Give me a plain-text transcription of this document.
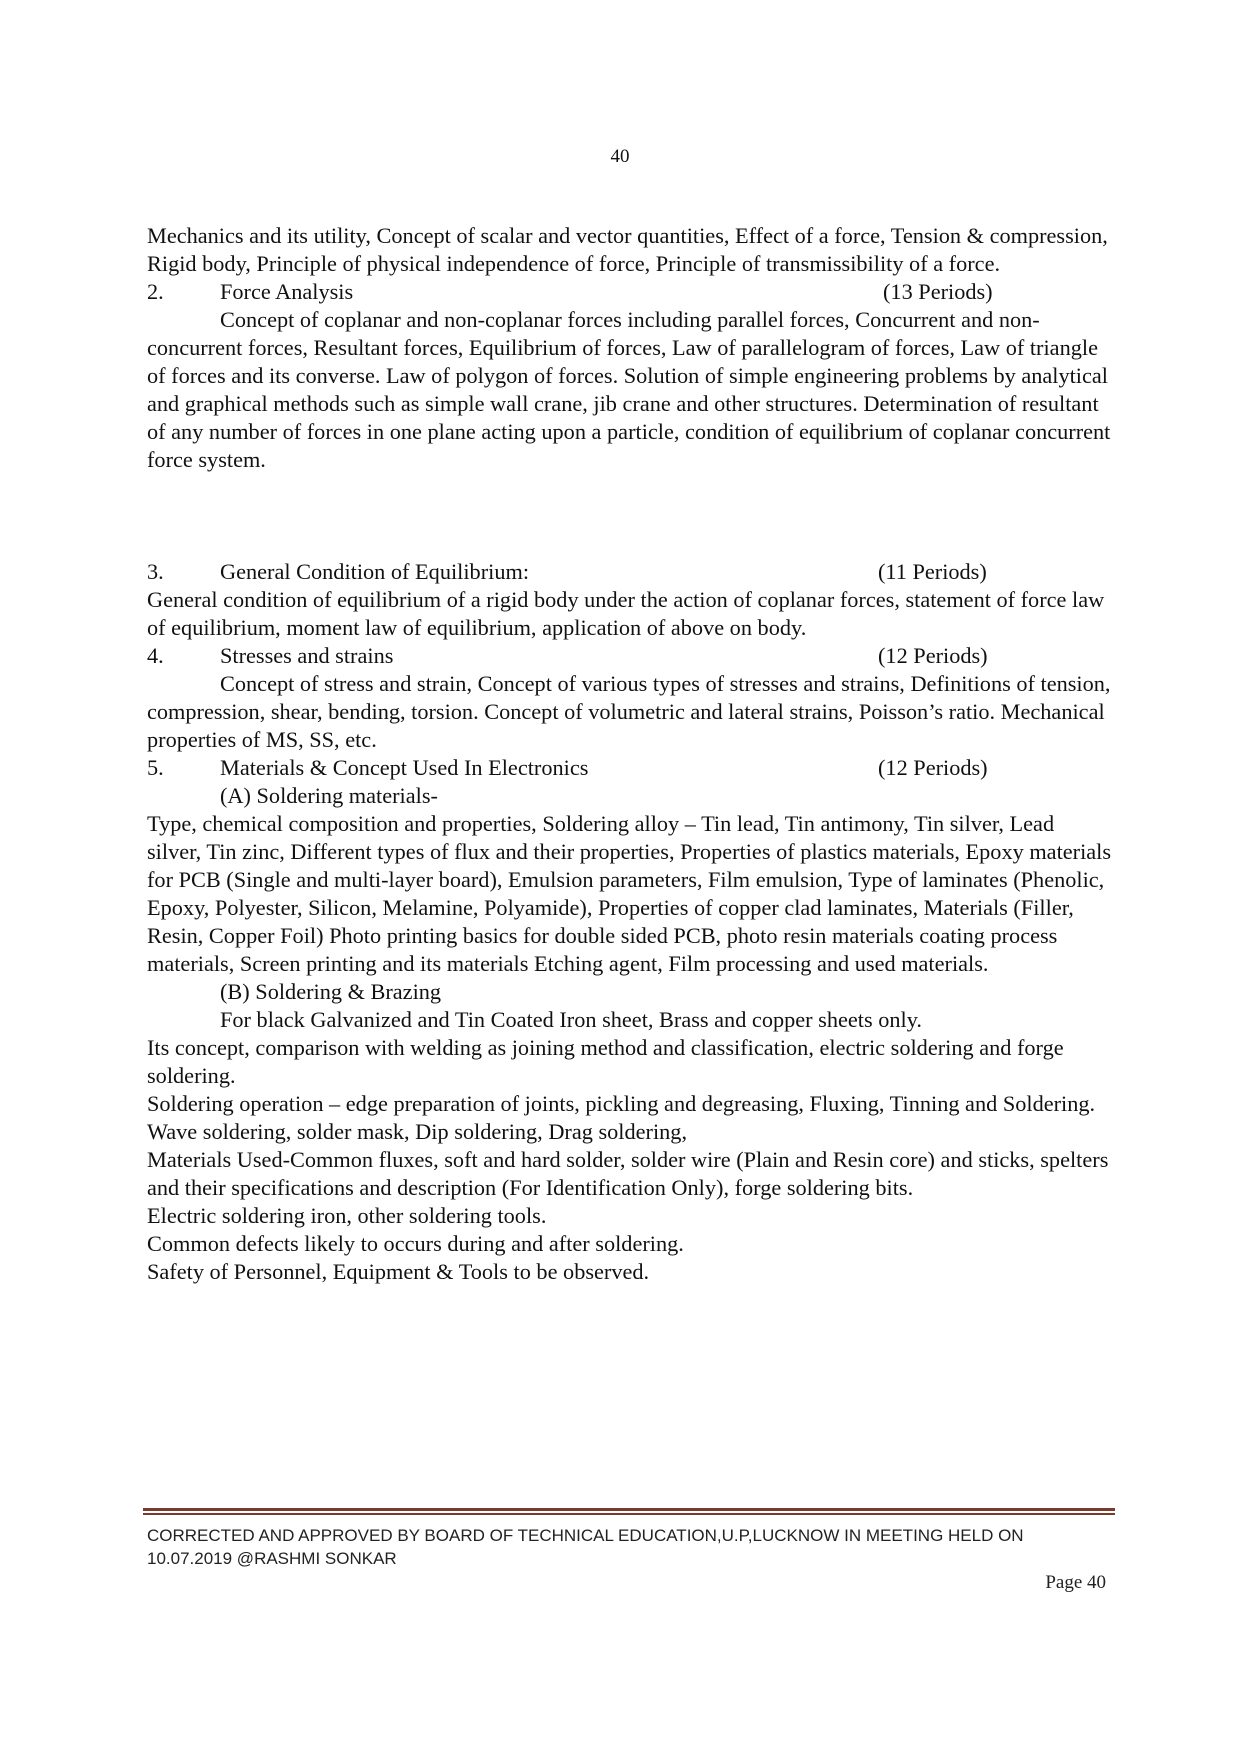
40

Mechanics and its utility, Concept of scalar and vector quantities, Effect of a force, Tension & compression, Rigid body, Principle of physical independence of force, Principle of transmissibility of a force.

2.	Force Analysis	(13 Periods)

Concept of coplanar and non-coplanar forces including parallel forces, Concurrent and non-concurrent forces, Resultant forces, Equilibrium of forces, Law of parallelogram of forces, Law of triangle of forces and its converse. Law of polygon of forces. Solution of simple engineering problems by analytical and graphical methods such as simple wall crane, jib crane and other structures. Determination of resultant of any number of forces in one plane acting upon a particle, condition of equilibrium of coplanar concurrent force system.

3.	General Condition of Equilibrium:	(11 Periods)

General condition of equilibrium of a rigid body under the action of coplanar forces, statement of force law of equilibrium, moment law of equilibrium, application of above on body.

4.	Stresses and strains	(12 Periods)

Concept of stress and strain, Concept of various types of stresses and strains, Definitions of tension, compression, shear, bending, torsion. Concept of volumetric and lateral strains, Poisson’s ratio. Mechanical properties of MS, SS, etc.

5.	Materials & Concept Used In Electronics	(12 Periods)

(A) Soldering materials-

Type, chemical composition and properties, Soldering alloy – Tin lead, Tin antimony, Tin silver, Lead silver, Tin zinc, Different types of flux and their properties, Properties of plastics materials, Epoxy materials for PCB (Single and multi-layer board), Emulsion parameters, Film emulsion, Type of laminates (Phenolic, Epoxy, Polyester, Silicon, Melamine, Polyamide), Properties of copper clad laminates, Materials (Filler, Resin, Copper Foil) Photo printing basics for double sided PCB, photo resin materials coating process materials, Screen printing and its materials Etching agent, Film processing and used materials.

(B) Soldering & Brazing

For black Galvanized and Tin Coated Iron sheet, Brass and copper sheets only.

Its concept, comparison with welding as joining method and classification, electric soldering and forge soldering.

Soldering operation – edge preparation of joints, pickling and degreasing, Fluxing, Tinning and Soldering. Wave soldering, solder mask, Dip soldering, Drag soldering,

Materials Used-Common fluxes, soft and hard solder, solder wire (Plain and Resin core) and sticks, spelters and their specifications and description (For Identification Only), forge soldering bits.

Electric soldering iron, other soldering tools.

Common defects likely to occurs during and after soldering.

Safety of Personnel, Equipment & Tools to be observed.

CORRECTED AND APPROVED BY BOARD OF TECHNICAL EDUCATION,U.P,LUCKNOW IN MEETING HELD ON
10.07.2019 @RASHMI SONKAR
Page 40
